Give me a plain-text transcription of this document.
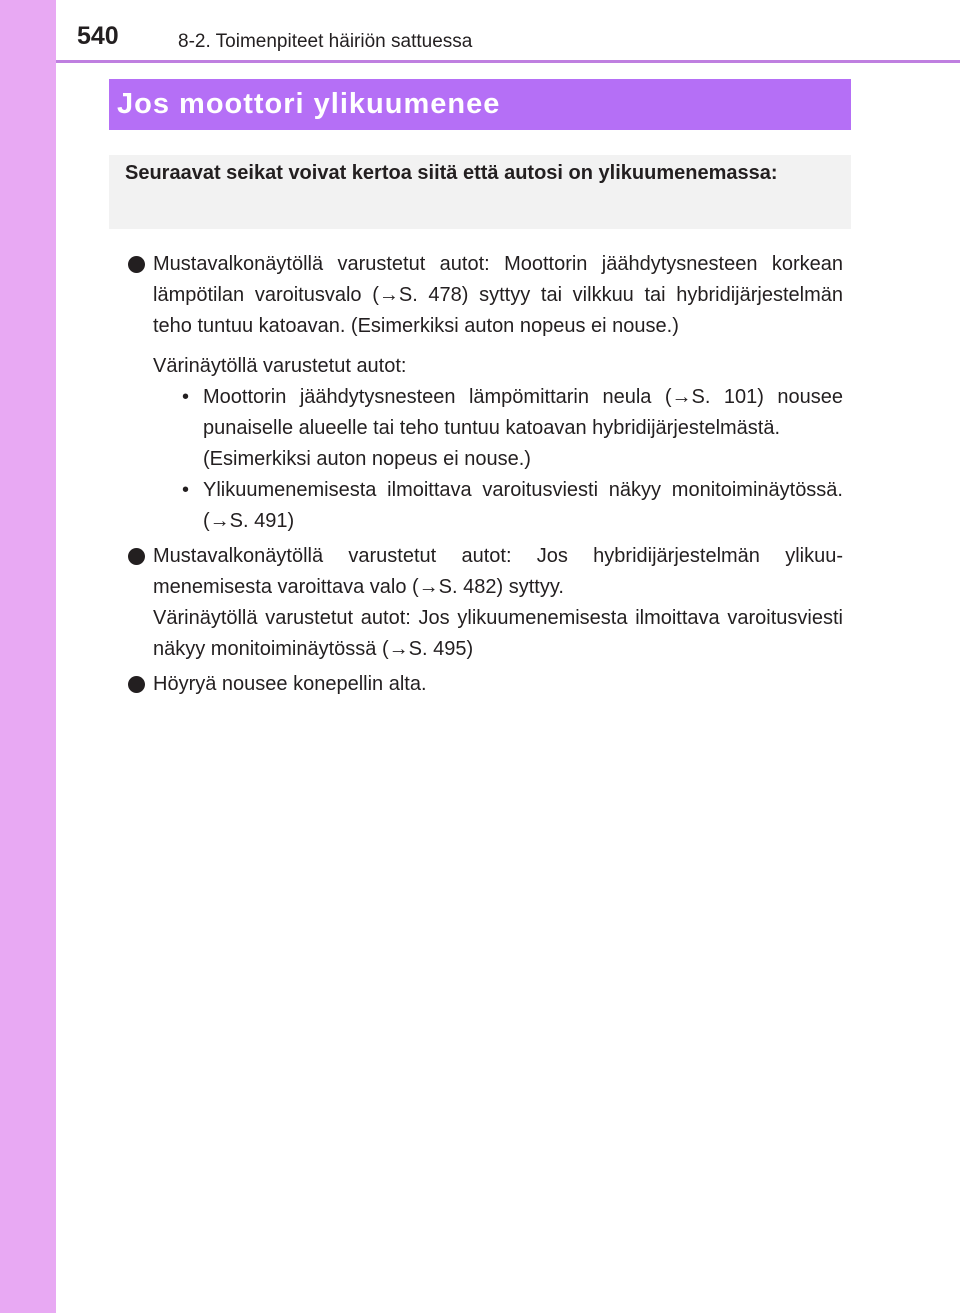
540	8-2. Toimenpiteet häiriön sattuessa
Jos moottori ylikuumenee
Seuraavat seikat voivat kertoa siitä että autosi on ylikuumenemassa:
Mustavalkonäytöllä varustetut autot: Moottorin jäähdytysnesteen korkean lämpötilan varoitusvalo (→S. 478) syttyy tai vilkkuu tai hybridijärjestelmän teho tuntuu katoavan. (Esimerkiksi auton nopeus ei nouse.)
Värinäytöllä varustetut autot:
• Moottorin jäähdytysnesteen lämpömittarin neula (→S. 101) nousee punaiselle alueelle tai teho tuntuu katoavan hybridijärjestelmästä.
(Esimerkiksi auton nopeus ei nouse.)
• Ylikuumenemisesta ilmoittava varoitusviesti näkyy monitoiminäytössä. (→S. 491)
Mustavalkonäytöllä varustetut autot: Jos hybridijärjestelmän ylikuumenemisesta varoittava valo (→S. 482) syttyy.
Värinäytöllä varustetut autot: Jos ylikuumenemisesta ilmoittava varoitusviesti näkyy monitoiminäytössä (→S. 495)
Höyryä nousee konepellin alta.
